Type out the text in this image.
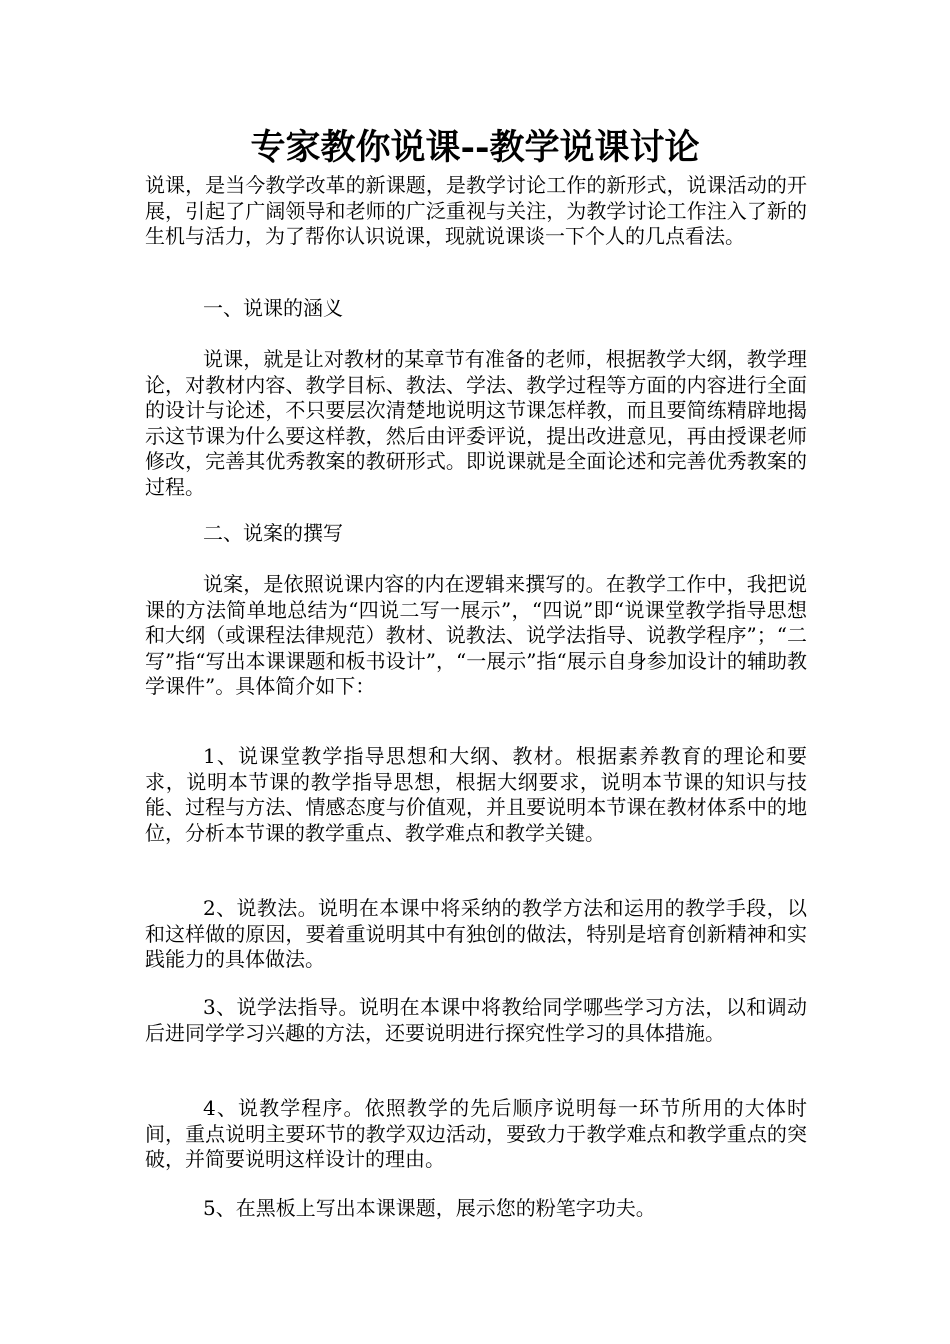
专家教你说课--教学说课讨论

说课，是当今教学改革的新课题，是教学讨论工作的新形式，说课活动的开展，引起了广阔领导和老师的广泛重视与关注，为教学讨论工作注入了新的生机与活力，为了帮你认识说课，现就说课谈一下个人的几点看法。

一、说课的涵义

说课，就是让对教材的某章节有准备的老师，根据教学大纲，教学理论，对教材内容、教学目标、教法、学法、教学过程等方面的内容进行全面的设计与论述，不只要层次清楚地说明这节课怎样教，而且要简练精辟地揭示这节课为什么要这样教，然后由评委评说，提出改进意见，再由授课老师修改，完善其优秀教案的教研形式。即说课就是全面论述和完善优秀教案的过程。

二、说案的撰写

说案，是依照说课内容的内在逻辑来撰写的。在教学工作中，我把说课的方法简单地总结为“四说二写一展示”，“四说”即“说课堂教学指导思想和大纲（或课程法律规范）教材、说教法、说学法指导、说教学程序”；“二写”指“写出本课课题和板书设计”，“一展示”指“展示自身参加设计的辅助教学课件”。具体简介如下：

1、说课堂教学指导思想和大纲、教材。根据素养教育的理论和要求，说明本节课的教学指导思想，根据大纲要求，说明本节课的知识与技能、过程与方法、情感态度与价值观，并且要说明本节课在教材体系中的地位，分析本节课的教学重点、教学难点和教学关键。

2、说教法。说明在本课中将采纳的教学方法和运用的教学手段，以和这样做的原因，要着重说明其中有独创的做法，特别是培育创新精神和实践能力的具体做法。

3、说学法指导。说明在本课中将教给同学哪些学习方法，以和调动后进同学学习兴趣的方法，还要说明进行探究性学习的具体措施。

4、说教学程序。依照教学的先后顺序说明每一环节所用的大体时间，重点说明主要环节的教学双边活动，要致力于教学难点和教学重点的突破，并简要说明这样设计的理由。

5、在黑板上写出本课课题，展示您的粉笔字功夫。
